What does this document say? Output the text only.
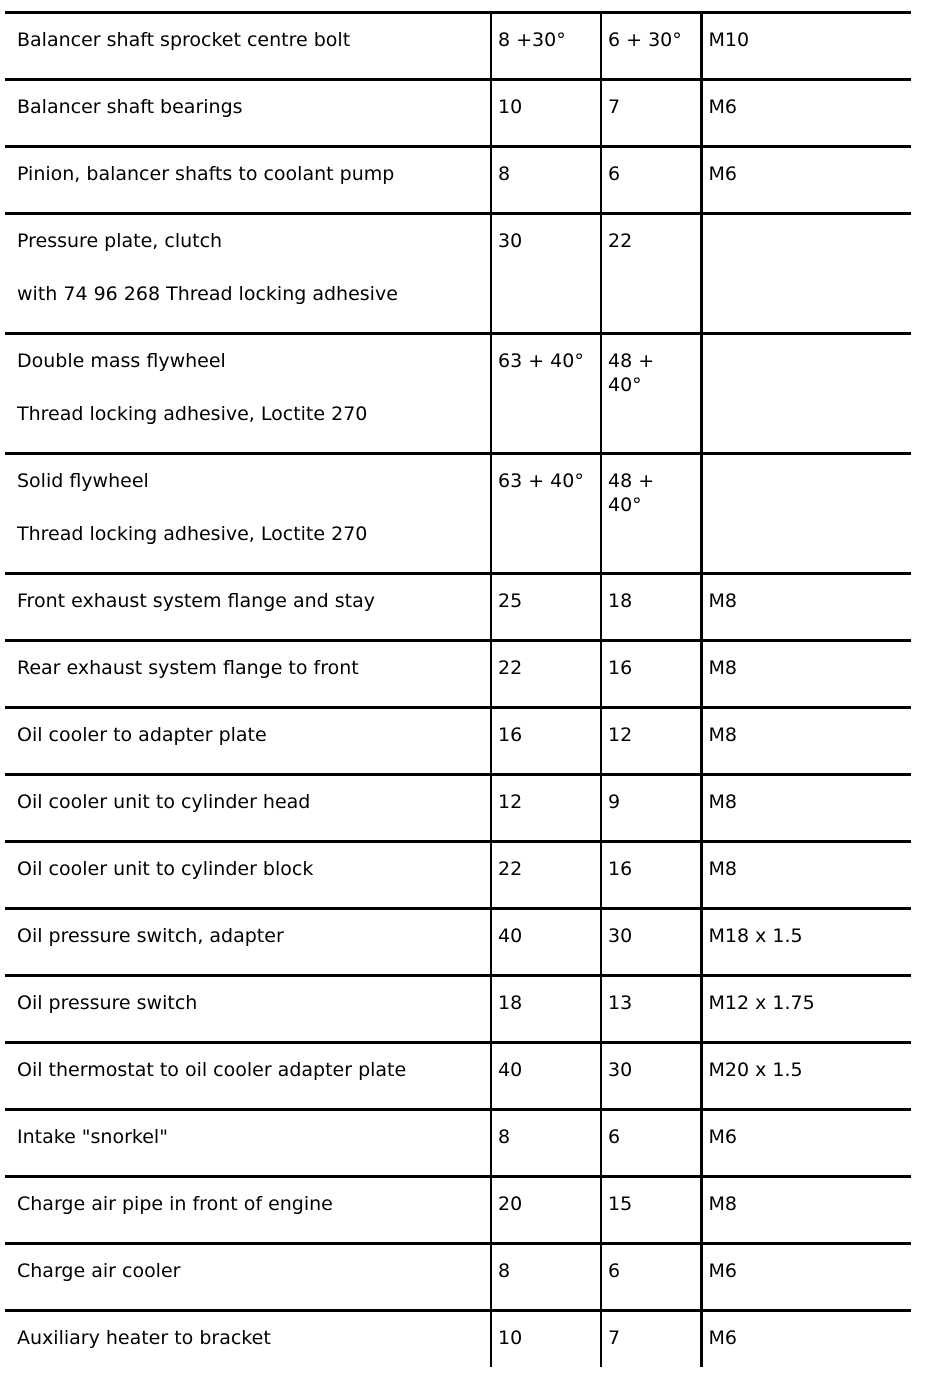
Balancer shaft sprocket centre bolt	8 +30°	6 + 30°	M10
Balancer shaft bearings	10	7	M6
Pinion, balancer shafts to coolant pump	8	6	M6
Pressure plate, clutch
with 74 96 268 Thread locking adhesive	30	22	
Double mass flywheel
Thread locking adhesive, Loctite 270	63 + 40°	48 + 40°	
Solid flywheel
Thread locking adhesive, Loctite 270	63 + 40°	48 + 40°	
Front exhaust system flange and stay	25	18	M8
Rear exhaust system flange to front	22	16	M8
Oil cooler to adapter plate	16	12	M8
Oil cooler unit to cylinder head	12	9	M8
Oil cooler unit to cylinder block	22	16	M8
Oil pressure switch, adapter	40	30	M18 x 1.5
Oil pressure switch	18	13	M12 x 1.75
Oil thermostat to oil cooler adapter plate	40	30	M20 x 1.5
Intake "snorkel"	8	6	M6
Charge air pipe in front of engine	20	15	M8
Charge air cooler	8	6	M6
Auxiliary heater to bracket	10	7	M6
